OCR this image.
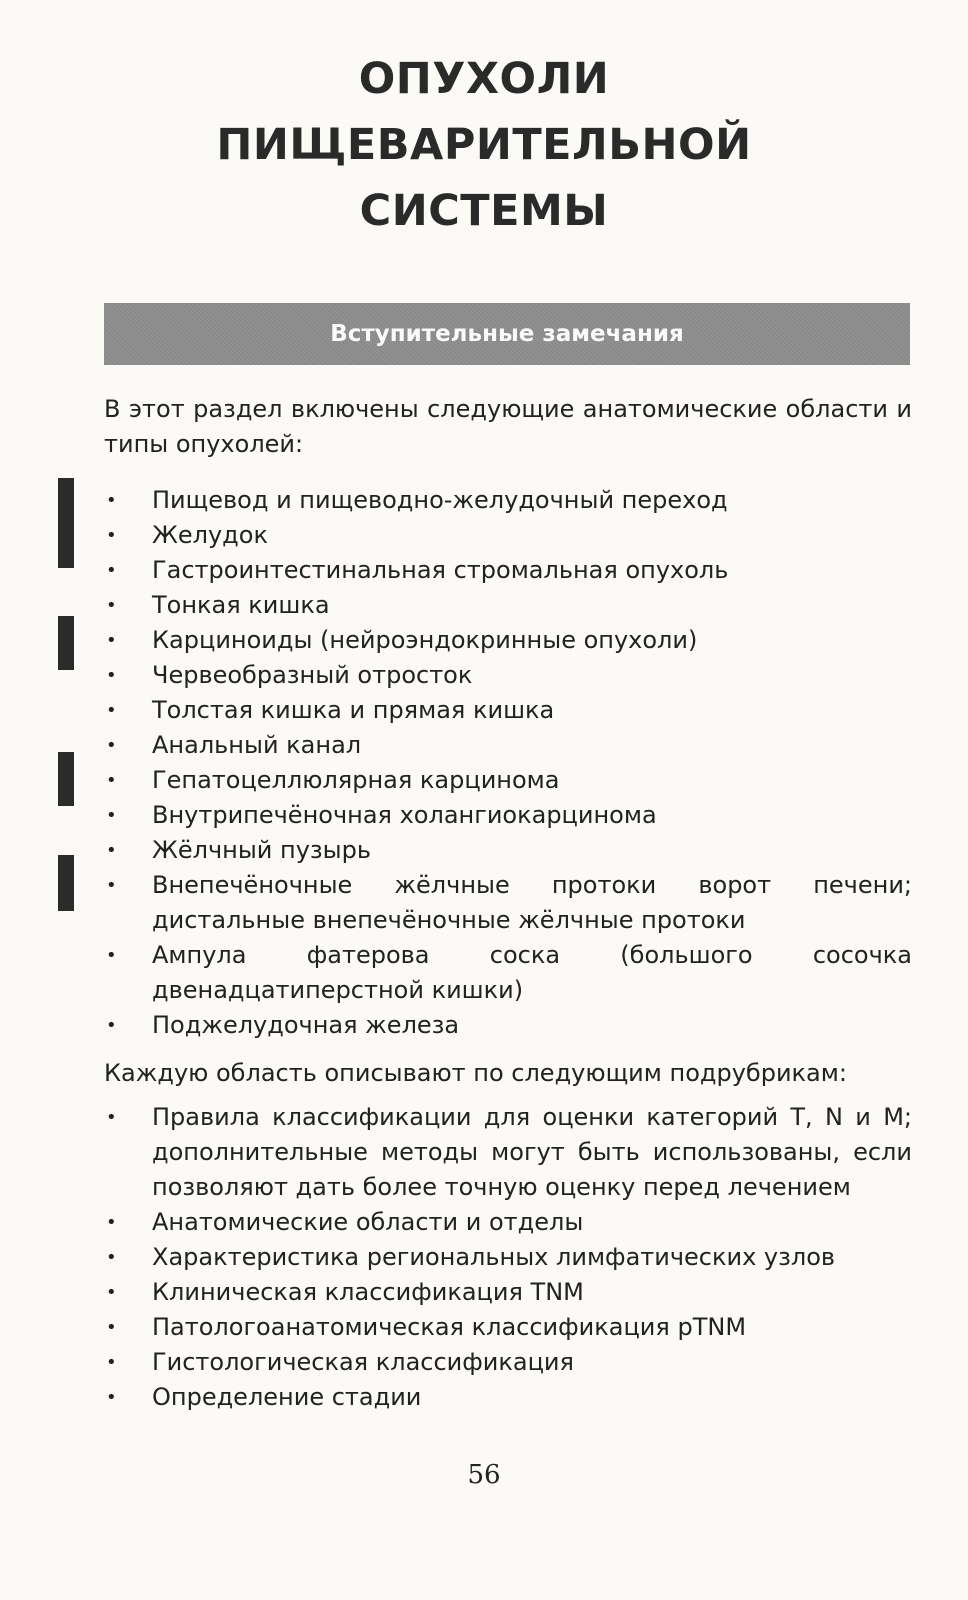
ОПУХОЛИ
ПИЩЕВАРИТЕЛЬНОЙ
СИСТЕМЫ
Вступительные замечания
В этот раздел включены следующие анатомические области и типы опухолей:
• Пищевод и пищеводно-желудочный переход
• Желудок
• Гастроинтестинальная стромальная опухоль
• Тонкая кишка
• Карциноиды (нейроэндокринные опухоли)
• Червеобразный отросток
• Толстая кишка и прямая кишка
• Анальный канал
• Гепатоцеллюлярная карцинома
• Внутрипечёночная холангиокарцинома
• Жёлчный пузырь
• Внепечёночные жёлчные протоки ворот печени; дистальные внепечёночные жёлчные протоки
• Ампула фатерова соска (большого сосочка двенадцатиперстной кишки)
• Поджелудочная железа
Каждую область описывают по следующим подрубрикам:
• Правила классификации для оценки категорий T, N и M; дополнительные методы могут быть использованы, если позволяют дать более точную оценку перед лечением
• Анатомические области и отделы
• Характеристика региональных лимфатических узлов
• Клиническая классификация TNM
• Патологоанатомическая классификация pTNM
• Гистологическая классификация
• Определение стадии
56
